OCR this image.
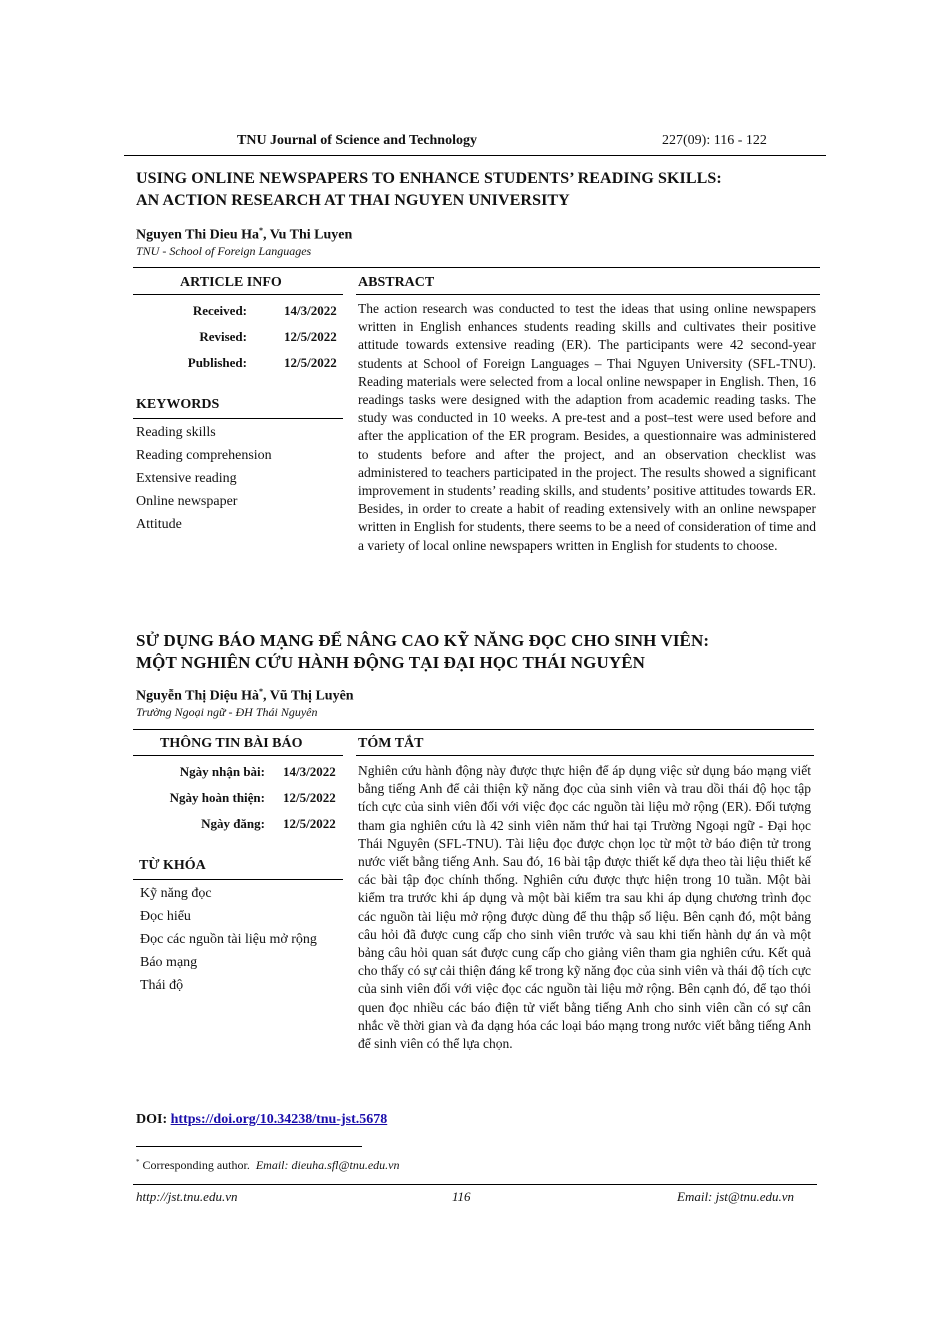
TNU Journal of Science and Technology	227(09): 116 - 122
USING ONLINE NEWSPAPERS TO ENHANCE STUDENTS’ READING SKILLS:
AN ACTION RESEARCH AT THAI NGUYEN UNIVERSITY
Nguyen Thi Dieu Ha*, Vu Thi Luyen
TNU - School of Foreign Languages
ARTICLE INFO	ABSTRACT
Received:	14/3/2022
Revised:	12/5/2022
Published:	12/5/2022
KEYWORDS
Reading skills
Reading comprehension
Extensive reading
Online newspaper
Attitude
The action research was conducted to test the ideas that using online newspapers written in English enhances students reading skills and cultivates their positive attitude towards extensive reading (ER). The participants were 42 second-year students at School of Foreign Languages – Thai Nguyen University (SFL-TNU). Reading materials were selected from a local online newspaper in English. Then, 16 readings tasks were designed with the adaption from academic reading tasks. The study was conducted in 10 weeks. A pre-test and a post–test were used before and after the application of the ER program. Besides, a questionnaire was administered to students before and after the project, and an observation checklist was administered to teachers participated in the project. The results showed a significant improvement in students’ reading skills, and students’ positive attitudes towards ER. Besides, in order to create a habit of reading extensively with an online newspaper written in English for students, there seems to be a need of consideration of time and a variety of local online newspapers written in English for students to choose.
SỬ DỤNG BÁO MẠNG ĐỂ NÂNG CAO KỸ NĂNG ĐỌC CHO SINH VIÊN:
MỘT NGHIÊN CỨU HÀNH ĐỘNG TẠI ĐẠI HỌC THÁI NGUYÊN
Nguyễn Thị Diệu Hà*, Vũ Thị Luyên
Trường Ngoại ngữ - ĐH Thái Nguyên
THÔNG TIN BÀI BÁO	TÓM TẮT
Ngày nhận bài: 14/3/2022
Ngày hoàn thiện: 12/5/2022
Ngày đăng: 12/5/2022
TỪ KHÓA
Kỹ năng đọc
Đọc hiểu
Đọc các nguồn tài liệu mở rộng
Báo mạng
Thái độ
Nghiên cứu hành động này được thực hiện để áp dụng việc sử dụng báo mạng viết bằng tiếng Anh để cải thiện kỹ năng đọc của sinh viên và trau dồi thái độ học tập tích cực của sinh viên đối với việc đọc các nguồn tài liệu mở rộng (ER). Đối tượng tham gia nghiên cứu là 42 sinh viên năm thứ hai tại Trường Ngoại ngữ - Đại học Thái Nguyên (SFL-TNU). Tài liệu đọc được chọn lọc từ một tờ báo điện tử trong nước viết bằng tiếng Anh. Sau đó, 16 bài tập được thiết kế dựa theo tài liệu thiết kế các bài tập đọc chính thống. Nghiên cứu được thực hiện trong 10 tuần. Một bài kiểm tra trước khi áp dụng và một bài kiểm tra sau khi áp dụng chương trình đọc các nguồn tài liệu mở rộng được dùng để thu thập số liệu. Bên cạnh đó, một bảng câu hỏi đã được cung cấp cho sinh viên trước và sau khi tiến hành dự án và một bảng câu hỏi quan sát được cung cấp cho giảng viên tham gia nghiên cứu. Kết quả cho thấy có sự cải thiện đáng kể trong kỹ năng đọc của sinh viên và thái độ tích cực của sinh viên đối với việc đọc các nguồn tài liệu mở rộng. Bên cạnh đó, để tạo thói quen đọc nhiều các báo điện tử viết bằng tiếng Anh cho sinh viên cần có sự cân nhắc về thời gian và đa dạng hóa các loại báo mạng trong nước viết bằng tiếng Anh để sinh viên có thể lựa chọn.
DOI: https://doi.org/10.34238/tnu-jst.5678
* Corresponding author. Email: dieuha.sfl@tnu.edu.vn
http://jst.tnu.edu.vn	116	Email: jst@tnu.edu.vn
